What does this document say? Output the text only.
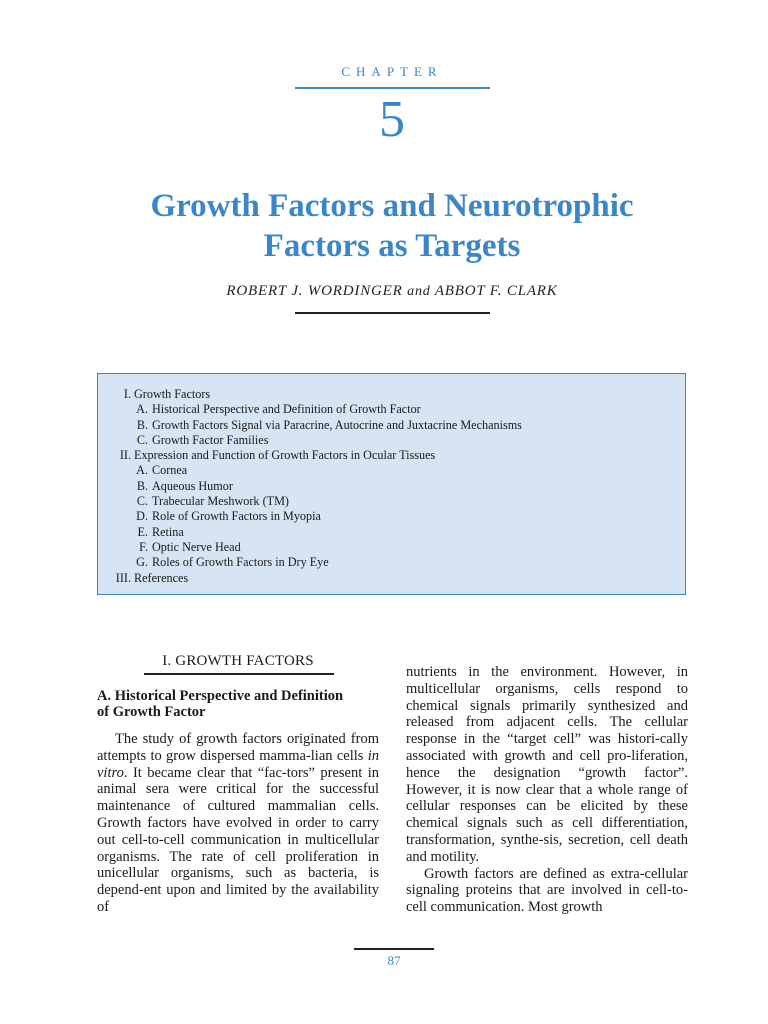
CHAPTER
5
Growth Factors and Neurotrophic
Factors as Targets
ROBERT J. WORDINGER and ABBOT F. CLARK
I. Growth Factors
A. Historical Perspective and Definition of Growth Factor
B. Growth Factors Signal via Paracrine, Autocrine and Juxtacrine Mechanisms
C. Growth Factor Families
II. Expression and Function of Growth Factors in Ocular Tissues
A. Cornea
B. Aqueous Humor
C. Trabecular Meshwork (TM)
D. Role of Growth Factors in Myopia
E. Retina
F. Optic Nerve Head
G. Roles of Growth Factors in Dry Eye
III. References
I. GROWTH FACTORS
A. Historical Perspective and Definition
of Growth Factor

The study of growth factors originated from attempts to grow dispersed mamma-lian cells in vitro. It became clear that “fac-tors” present in animal sera were critical for the successful maintenance of cultured mammalian cells. Growth factors have evolved in order to carry out cell-to-cell communication in multicellular organisms. The rate of cell proliferation in unicellular organisms, such as bacteria, is depend-ent upon and limited by the availability of

nutrients in the environment. However, in multicellular organisms, cells respond to chemical signals primarily synthesized and released from adjacent cells. The cellular response in the “target cell” was histori-cally associated with growth and cell pro-liferation, hence the designation “growth factor”. However, it is now clear that a whole range of cellular responses can be elicited by these chemical signals such as cell differentiation, transformation, synthe-sis, secretion, cell death and motility.

Growth factors are defined as extra-cellular signaling proteins that are involved in cell-to-cell communication. Most growth

87
